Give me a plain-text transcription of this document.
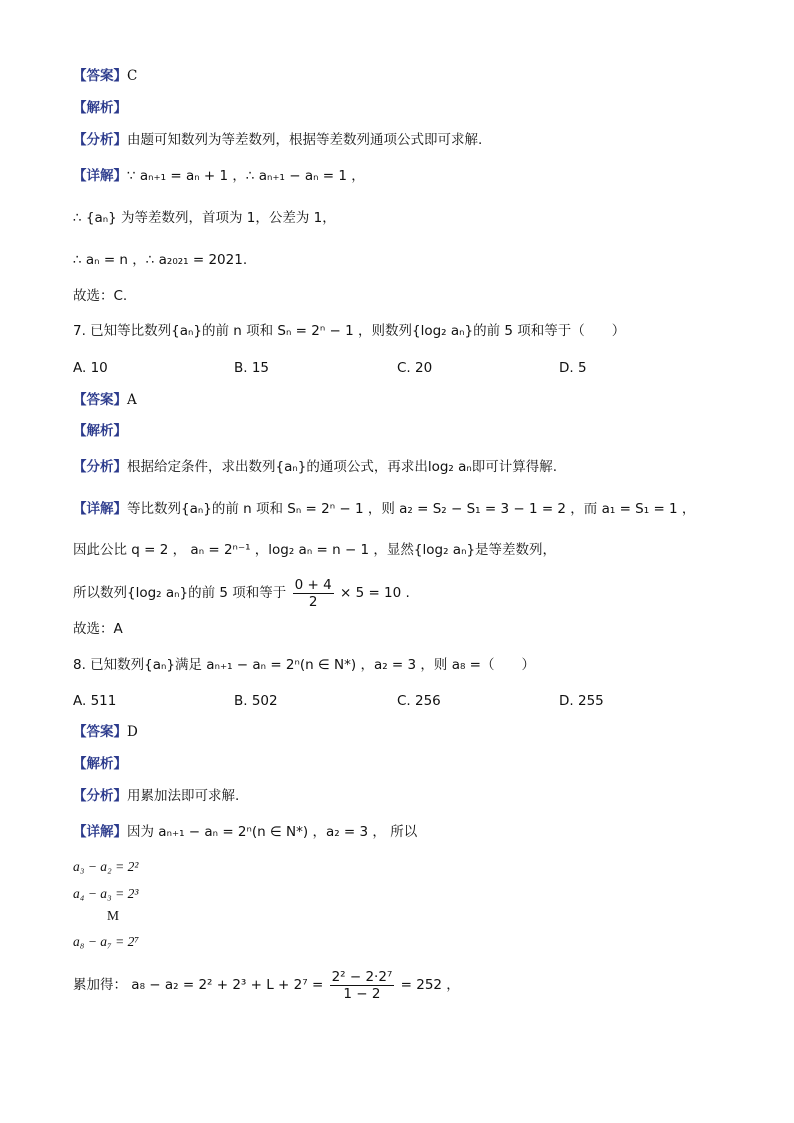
【答案】C
【解析】
【分析】由题可知数列为等差数列，根据等差数列通项公式即可求解.
【详解】∵ aₙ₊₁ = aₙ + 1 ，∴ aₙ₊₁ − aₙ = 1 ，
∴ {aₙ} 为等差数列，首项为 1，公差为 1，
∴ aₙ = n ，∴ a₂₀₂₁ = 2021.
故选：C.
7. 已知等比数列{aₙ}的前 n 项和 Sₙ = 2ⁿ − 1 ，则数列{log₂ aₙ}的前 5 项和等于（　　）
A. 10	B. 15	C. 20	D. 5
【答案】A
【解析】
【分析】根据给定条件，求出数列{aₙ}的通项公式，再求出log₂ aₙ即可计算得解.
【详解】等比数列{aₙ}的前 n 项和 Sₙ = 2ⁿ − 1 ，则 a₂ = S₂ − S₁ = 3 − 1 = 2 ，而 a₁ = S₁ = 1 ，
因此公比 q = 2 ， aₙ = 2ⁿ⁻¹ ，log₂ aₙ = n − 1 ，显然{log₂ aₙ}是等差数列，
所以数列{log₂ aₙ}的前 5 项和等于 $\frac{0 + 4}{2} \times 5 = 10$ .
故选：A
8. 已知数列{aₙ}满足 aₙ₊₁ − aₙ = 2ⁿ(n ∈ N*) ，a₂ = 3 ，则 a₈ =（　　）
A. 511	B. 502	C. 256	D. 255
【答案】D
【解析】
【分析】用累加法即可求解.
【详解】因为 aₙ₊₁ − aₙ = 2ⁿ(n ∈ N*) ，a₂ = 3 ， 所以
a₃ − a₂ = 2²
a₄ − a₃ = 2³
M
a₈ − a₇ = 2⁷
累加得： $a_8 - a_2 = 2^2 + 2^3 + L + 2^7 = \frac{\text{2² − 2·2⁷}}{1 - 2} = 252$ ，
